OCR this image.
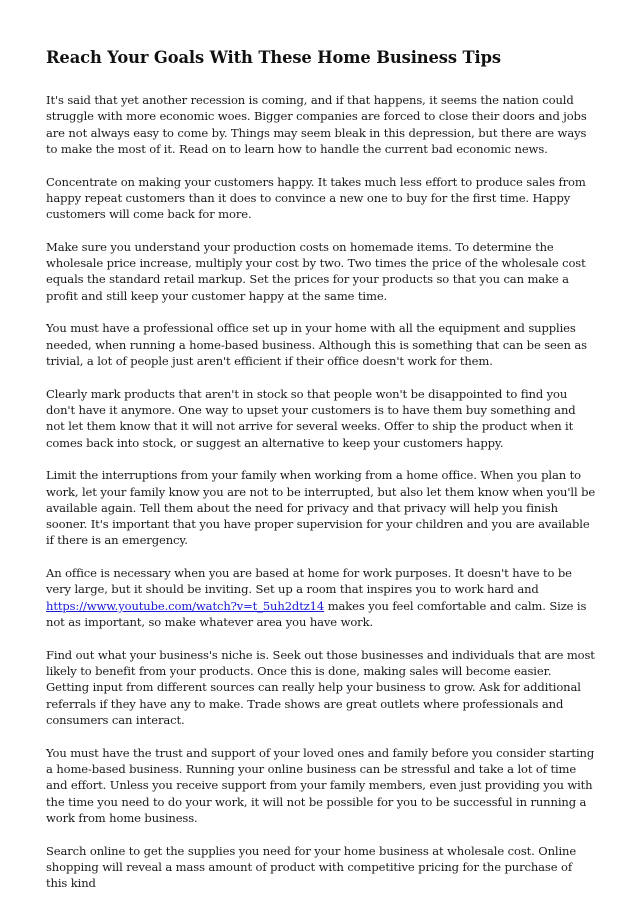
Reach Your Goals With These Home Business Tips

It's said that yet another recession is coming, and if that happens, it seems the nation could struggle with more economic woes. Bigger companies are forced to close their doors and jobs are not always easy to come by. Things may seem bleak in this depression, but there are ways to make the most of it. Read on to learn how to handle the current bad economic news.

Concentrate on making your customers happy. It takes much less effort to produce sales from happy repeat customers than it does to convince a new one to buy for the first time. Happy customers will come back for more.

Make sure you understand your production costs on homemade items. To determine the wholesale price increase, multiply your cost by two. Two times the price of the wholesale cost equals the standard retail markup. Set the prices for your products so that you can make a profit and still keep your customer happy at the same time.

You must have a professional office set up in your home with all the equipment and supplies needed, when running a home-based business. Although this is something that can be seen as trivial, a lot of people just aren't efficient if their office doesn't work for them.

Clearly mark products that aren't in stock so that people won't be disappointed to find you don't have it anymore. One way to upset your customers is to have them buy something and not let them know that it will not arrive for several weeks. Offer to ship the product when it comes back into stock, or suggest an alternative to keep your customers happy.

Limit the interruptions from your family when working from a home office. When you plan to work, let your family know you are not to be interrupted, but also let them know when you'll be available again. Tell them about the need for privacy and that privacy will help you finish sooner. It's important that you have proper supervision for your children and you are available if there is an emergency.

An office is necessary when you are based at home for work purposes. It doesn't have to be very large, but it should be inviting. Set up a room that inspires you to work hard and https://www.youtube.com/watch?v=t_5uh2dtz14 makes you feel comfortable and calm. Size is not as important, so make whatever area you have work.

Find out what your business's niche is. Seek out those businesses and individuals that are most likely to benefit from your products. Once this is done, making sales will become easier. Getting input from different sources can really help your business to grow. Ask for additional referrals if they have any to make. Trade shows are great outlets where professionals and consumers can interact.

You must have the trust and support of your loved ones and family before you consider starting a home-based business. Running your online business can be stressful and take a lot of time and effort. Unless you receive support from your family members, even just providing you with the time you need to do your work, it will not be possible for you to be successful in running a work from home business.

Search online to get the supplies you need for your home business at wholesale cost. Online shopping will reveal a mass amount of product with competitive pricing for the purchase of this kind
